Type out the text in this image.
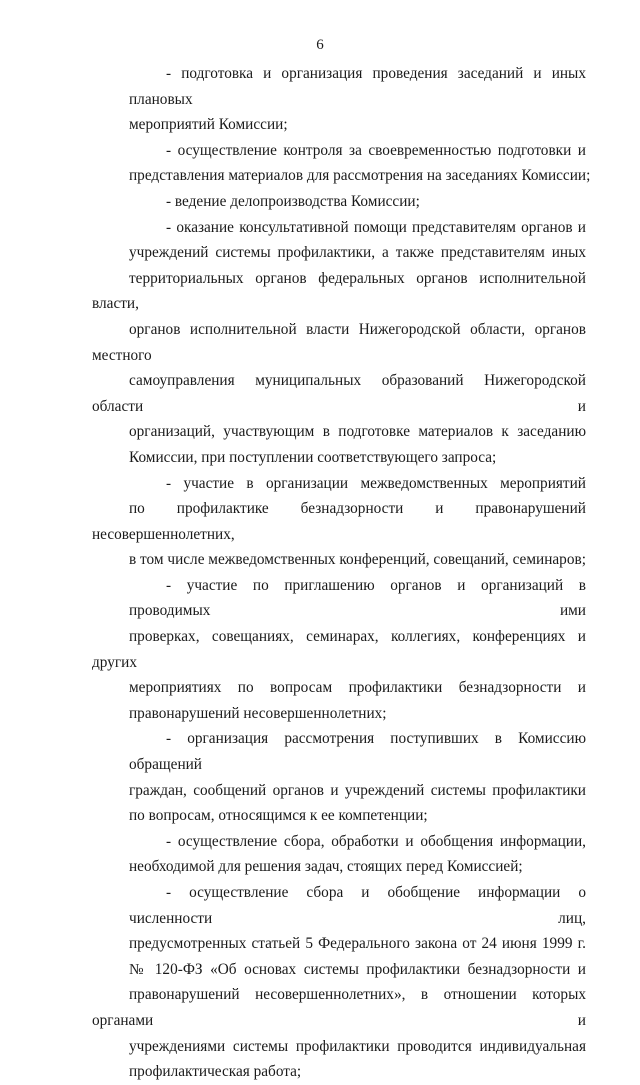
6
- подготовка и организация проведения заседаний и иных плановых
мероприятий Комиссии;
- осуществление контроля за своевременностью подготовки и
представления материалов для рассмотрения на заседаниях Комиссии;
- ведение делопроизводства Комиссии;
- оказание консультативной помощи представителям органов и
учреждений системы профилактики, а также представителям иных
территориальных органов федеральных органов исполнительной власти,
органов исполнительной власти Нижегородской области, органов местного
самоуправления муниципальных образований Нижегородской области и
организаций, участвующим в подготовке материалов к заседанию
Комиссии, при поступлении соответствующего запроса;
- участие в организации межведомственных мероприятий
по профилактике безнадзорности и правонарушений несовершеннолетних,
в том числе межведомственных конференций, совещаний, семинаров;
- участие по приглашению органов и организаций в проводимых ими
проверках, совещаниях, семинарах, коллегиях, конференциях и других
мероприятиях по вопросам профилактики безнадзорности и
правонарушений несовершеннолетних;
- организация рассмотрения поступивших в Комиссию обращений
граждан, сообщений органов и учреждений системы профилактики
по вопросам, относящимся к ее компетенции;
- осуществление сбора, обработки и обобщения информации,
необходимой для решения задач, стоящих перед Комиссией;
- осуществление сбора и обобщение информации о численности лиц,
предусмотренных статьей 5 Федерального закона от 24 июня 1999 г.
№ 120-ФЗ «Об основах системы профилактики безнадзорности и
правонарушений несовершеннолетних», в отношении которых органами и
учреждениями системы профилактики проводится индивидуальная
профилактическая работа;
